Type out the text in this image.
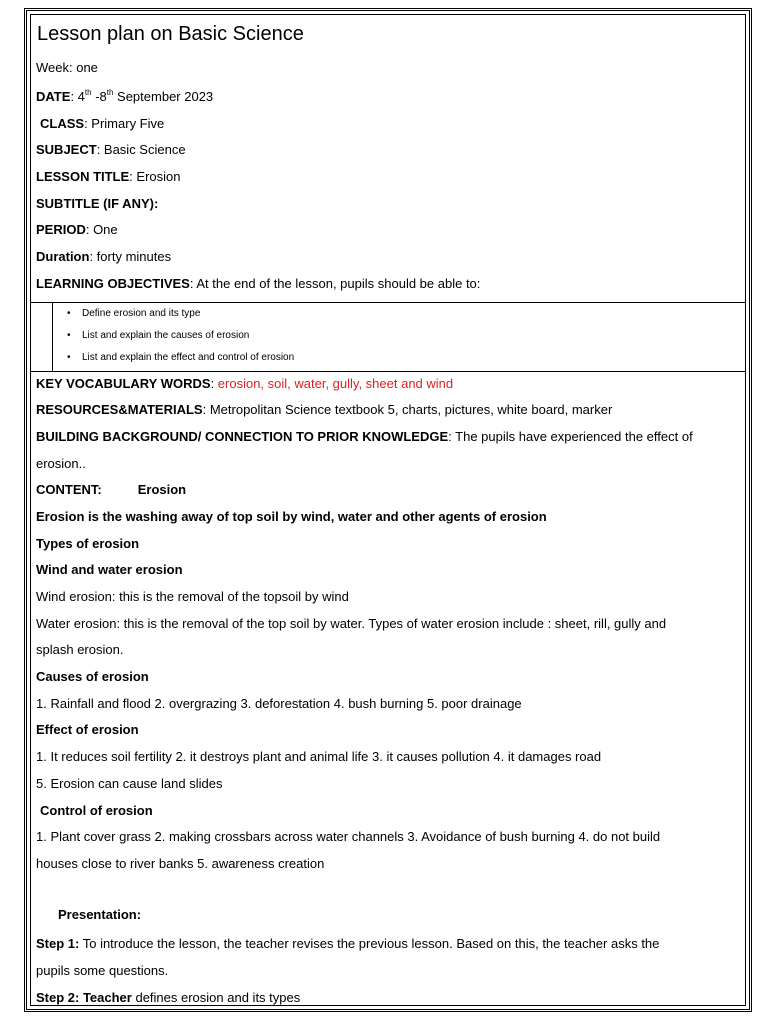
Lesson plan on Basic Science
Week: one
DATE: 4th -8th September 2023
CLASS: Primary Five
SUBJECT: Basic Science
LESSON TITLE: Erosion
SUBTITLE (IF ANY):
PERIOD: One
Duration: forty minutes
LEARNING OBJECTIVES: At the end of the lesson, pupils should be able to:
• Define erosion and its type
• List and explain the causes of erosion
• List and explain the effect and control of erosion
KEY VOCABULARY WORDS: erosion, soil, water, gully, sheet and wind
RESOURCES&MATERIALS: Metropolitan Science textbook 5, charts, pictures, white board, marker
BUILDING BACKGROUND/ CONNECTION TO PRIOR KNOWLEDGE: The pupils have experienced the effect of
erosion..
CONTENT:	Erosion
Erosion is the washing away of top soil by wind, water and other agents of erosion
Types of erosion
Wind and water erosion
Wind erosion: this is the removal of the topsoil by wind
Water erosion: this is the removal of the top soil by water. Types of water erosion include : sheet, rill, gully and
splash erosion.
Causes of erosion
1. Rainfall and flood 2. overgrazing 3. deforestation 4. bush burning 5. poor drainage
Effect of erosion
1. It reduces soil fertility 2. it destroys plant and animal life 3. it causes pollution 4. it damages road
5. Erosion can cause land slides
Control of erosion
1. Plant cover grass 2. making crossbars across water channels 3. Avoidance of bush burning 4. do not build
houses close to river banks 5. awareness creation
Presentation:
Step 1: To introduce the lesson, the teacher revises the previous lesson. Based on this, the teacher asks the
pupils some questions.
Step 2: Teacher defines erosion and its types
